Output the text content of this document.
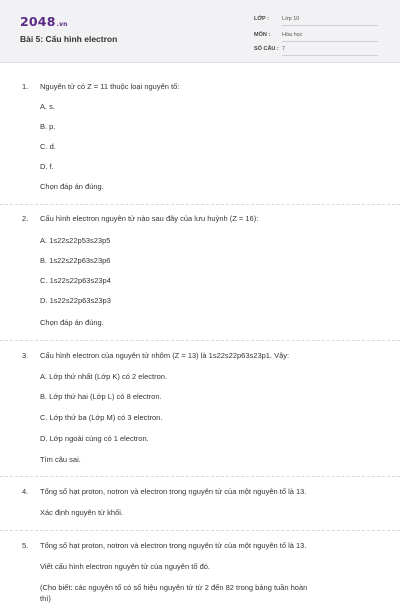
2048.vn
Bài 5: Cấu hình electron
LỚP : Lớp 10
MÔN : Hóa học
SỐ CÂU : 7
1. Nguyên tử có Z = 11 thuộc loại nguyên tố:
A. s.
B. p.
C. d.
D. f.
Chọn đáp án đúng.
2. Cấu hình electron nguyên tử nào sau đây của lưu huỳnh (Z = 16):
A. 1s22s22p53s23p5
B. 1s22s22p63s23p6
C. 1s22s22p63s23p4
D. 1s22s22p63s23p3
Chọn đáp án đúng.
3. Cấu hình electron của nguyên tử nhôm (Z = 13) là 1s22s22p63s23p1. Vậy:
A. Lớp thứ nhất (Lớp K) có 2 electron.
B. Lớp thứ hai (Lớp L) có 8 electron.
C. Lớp thứ ba (Lớp M) có 3 electron.
D. Lớp ngoài cùng có 1 electron.
Tìm câu sai.
4. Tổng số hạt proton, notron và electron trong nguyên tử của một nguyên tố là 13.
Xác định nguyên tử khối.
5. Tổng số hạt proton, notron và electron trong nguyên tử của một nguyên tố là 13.
Viết cấu hình electron nguyên tử của nguyên tố đó.
(Cho biết: các nguyên tố có số hiệu nguyên tử từ 2 đến 82 trong bảng tuần hoàn
thì)
